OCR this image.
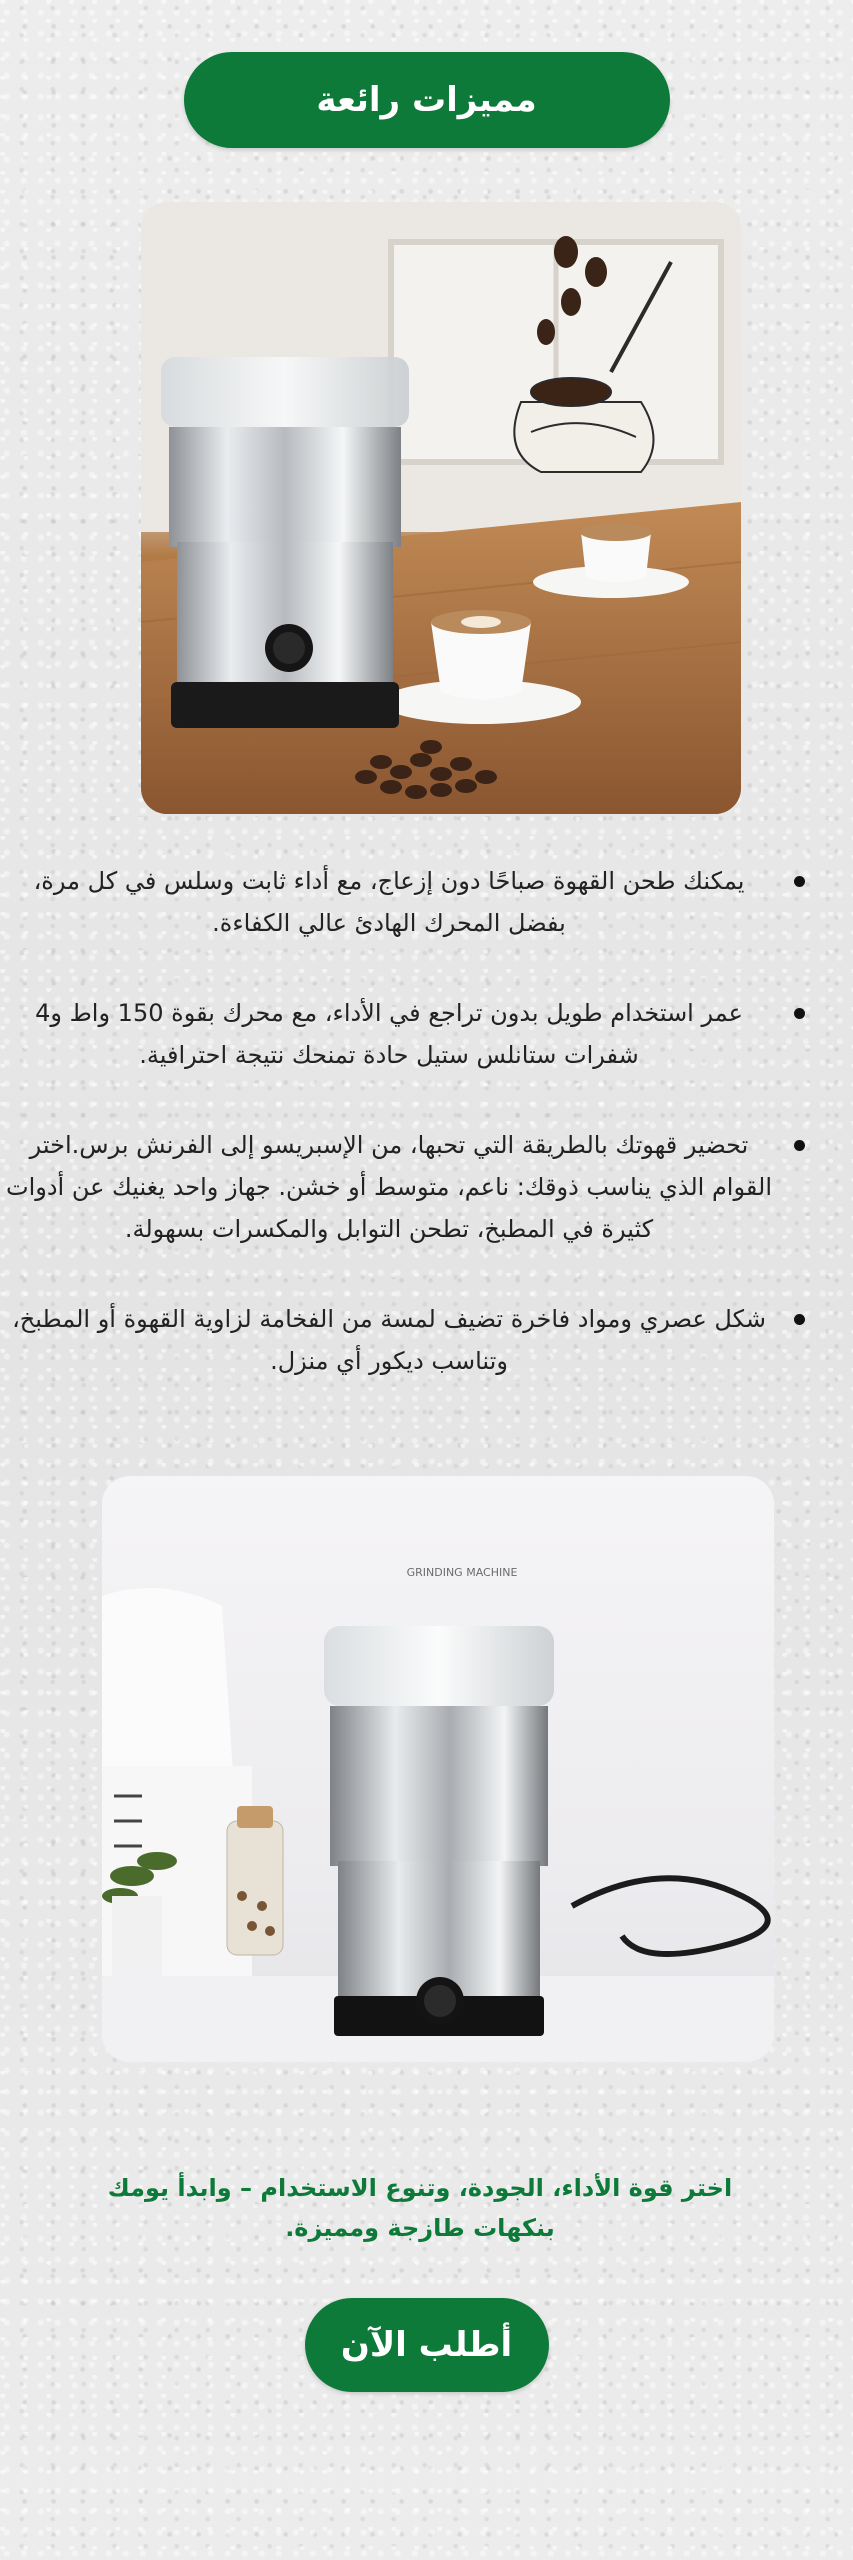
مميزات رائعة
يمكنك طحن القهوة صباحًا دون إزعاج، مع أداء ثابت وسلس في كل مرة، بفضل المحرك الهادئ عالي الكفاءة.
عمر استخدام طويل بدون تراجع في الأداء، مع محرك بقوة 150 واط و4 شفرات ستانلس ستيل حادة تمنحك نتيجة احترافية.
تحضير قهوتك بالطريقة التي تحبها، من الإسبريسو إلى الفرنش برس.اختر القوام الذي يناسب ذوقك: ناعم، متوسط أو خشن. جهاز واحد يغنيك عن أدوات كثيرة في المطبخ، تطحن التوابل والمكسرات بسهولة.
شكل عصري ومواد فاخرة تضيف لمسة من الفخامة لزاوية القهوة أو المطبخ، وتناسب ديكور أي منزل.
GRINDING MACHINE
اختر قوة الأداء، الجودة، وتنوع الاستخدام – وابدأ يومك بنكهات طازجة ومميزة.
أطلب الآن
